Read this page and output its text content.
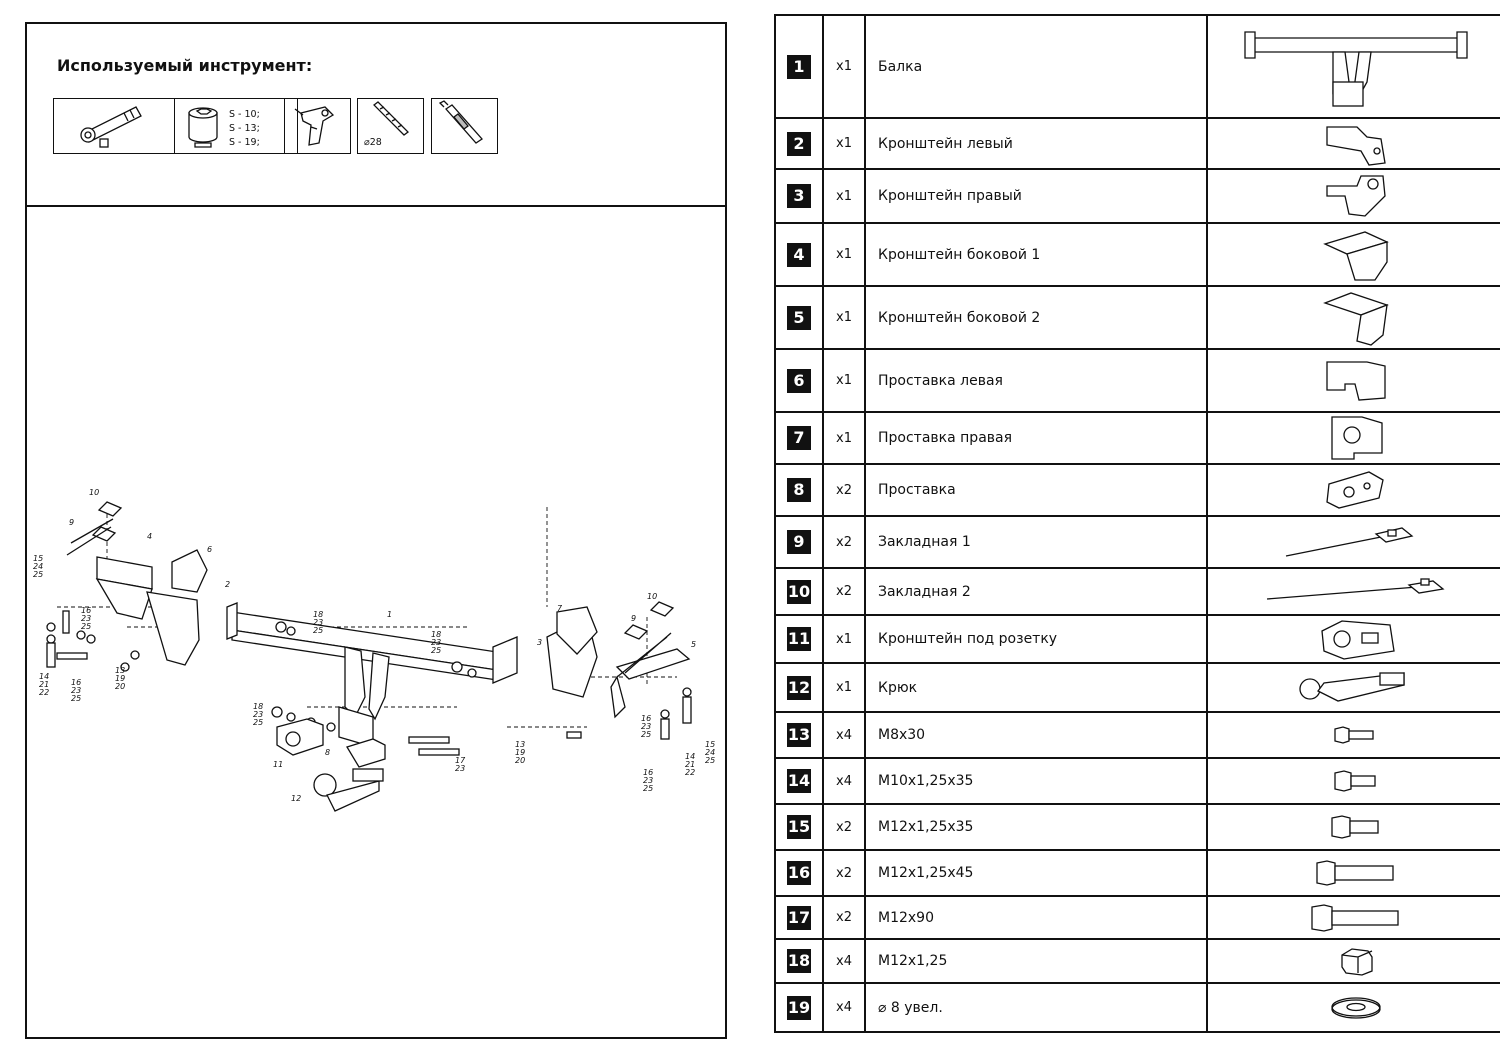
Используемый инструмент:
S - 10;
S - 13;
S - 19;	⌀28
10
9
4
6
2
1
7
3
10
9
5
8
11
12
15
24
25
14
21
22
16
23
25
16
23
25
13
19
20
18
23
25	18
23
25
18
23
25
17
23
13
19
20
16
23
25
16
23
25
14
21
22
15
24
25
1	x1	Балка	

2	x1	Кронштейн левый	

3	x1	Кронштейн правый	

4	x1	Кронштейн боковой 1	

5	x1	Кронштейн боковой 2	

6	x1	Проставка левая	

7	x1	Проставка правая	

8	x2	Проставка	

9	x2	Закладная 1	

10	x2	Закладная 2	

11	x1	Кронштейн под розетку	

12	x1	Крюк	

13	x4	M8x30	

14	x4	M10x1,25x35	

15	x2	M12x1,25x35	

16	x2	M12x1,25x45	

17	x2	M12x90	

18	x4	M12x1,25	

19	x4	⌀ 8 увел.	
